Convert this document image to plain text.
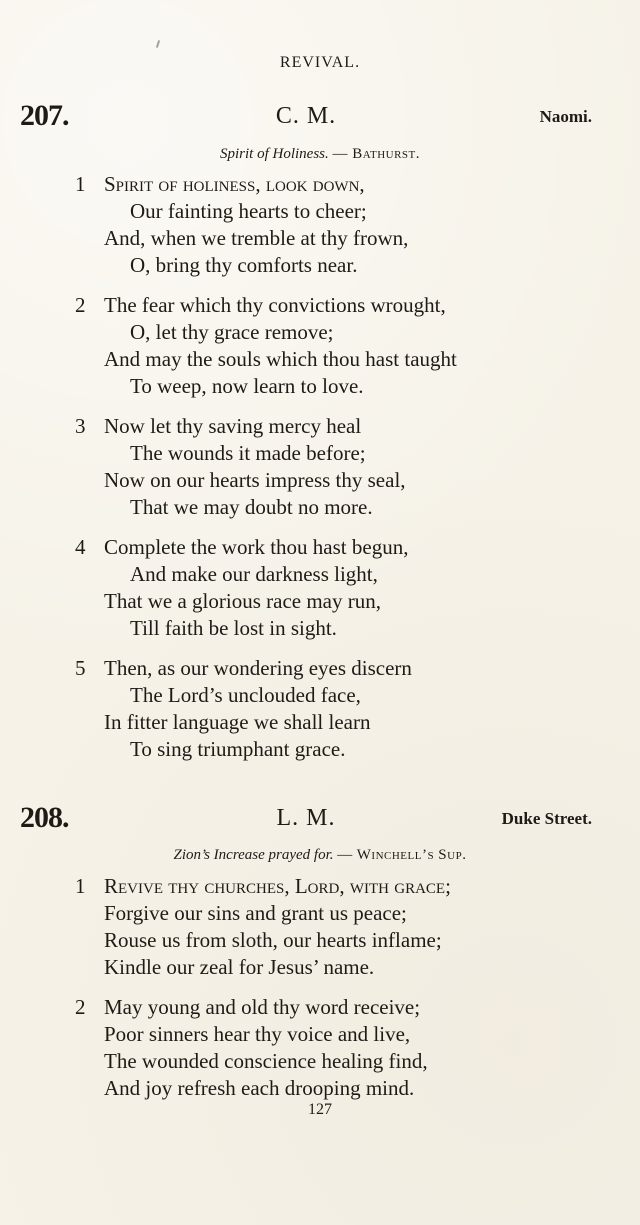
REVIVAL.
207.	C. M.	Naomi.
Spirit of Holiness. — Bathurst.
1 Spirit of holiness, look down,
Our fainting hearts to cheer;
And, when we tremble at thy frown,
O, bring thy comforts near.
2 The fear which thy convictions wrought,
O, let thy grace remove;
And may the souls which thou hast taught
To weep, now learn to love.
3 Now let thy saving mercy heal
The wounds it made before;
Now on our hearts impress thy seal,
That we may doubt no more.
4 Complete the work thou hast begun,
And make our darkness light,
That we a glorious race may run,
Till faith be lost in sight.
5 Then, as our wondering eyes discern
The Lord’s unclouded face,
In fitter language we shall learn
To sing triumphant grace.
208.	L. M.	Duke Street.
Zion’s Increase prayed for. — Winchell’s Sup.
1 Revive thy churches, Lord, with grace;
Forgive our sins and grant us peace;
Rouse us from sloth, our hearts inflame;
Kindle our zeal for Jesus’ name.
2 May young and old thy word receive;
Poor sinners hear thy voice and live,
The wounded conscience healing find,
And joy refresh each drooping mind.
127
